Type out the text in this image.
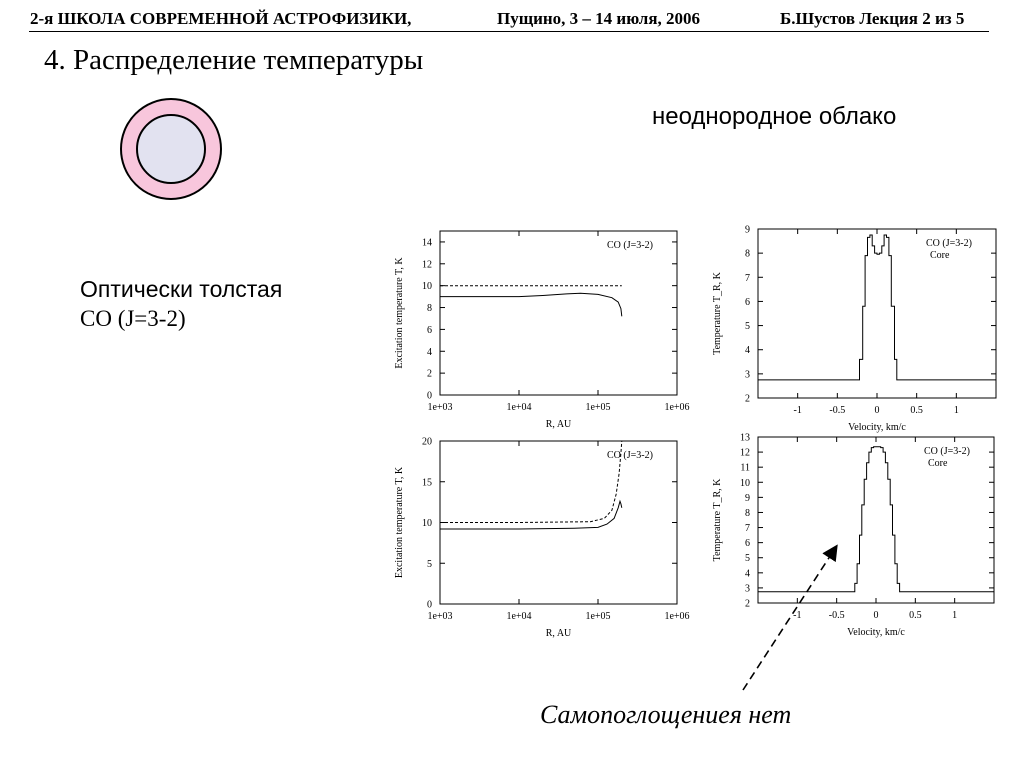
2-я ШКОЛА СОВРЕМЕННОЙ АСТРОФИЗИКИ,	Пущино, 3 – 14 июля, 2006	Б.Шустов Лекция 2 из 5
4. Распределение температуры
неоднородное облако
Оптически толстая
CO (J=3-2)
1e+03	1e+04	1e+05	1e+06
0
2
4
6
8
10
12
14
R, AU
Excitation temperature T, K
CO (J=3-2)
-1	-0.5	0	0.5	1
2
3
4
5
6
7
8
9
Velocity, km/c
Temperature T_R, K
CO (J=3-2)
Core
1e+03	1e+04	1e+05	1e+06
0
5
10
15
20
R, AU
Excitation temperature T, K
CO (J=3-2)
-1	-0.5	0	0.5	1
2
3
4
5
6
7
8
9
10
11
12
13
Velocity, km/c
Temperature T_R, K
CO (J=3-2)
Core
Самопоглощениея нет
